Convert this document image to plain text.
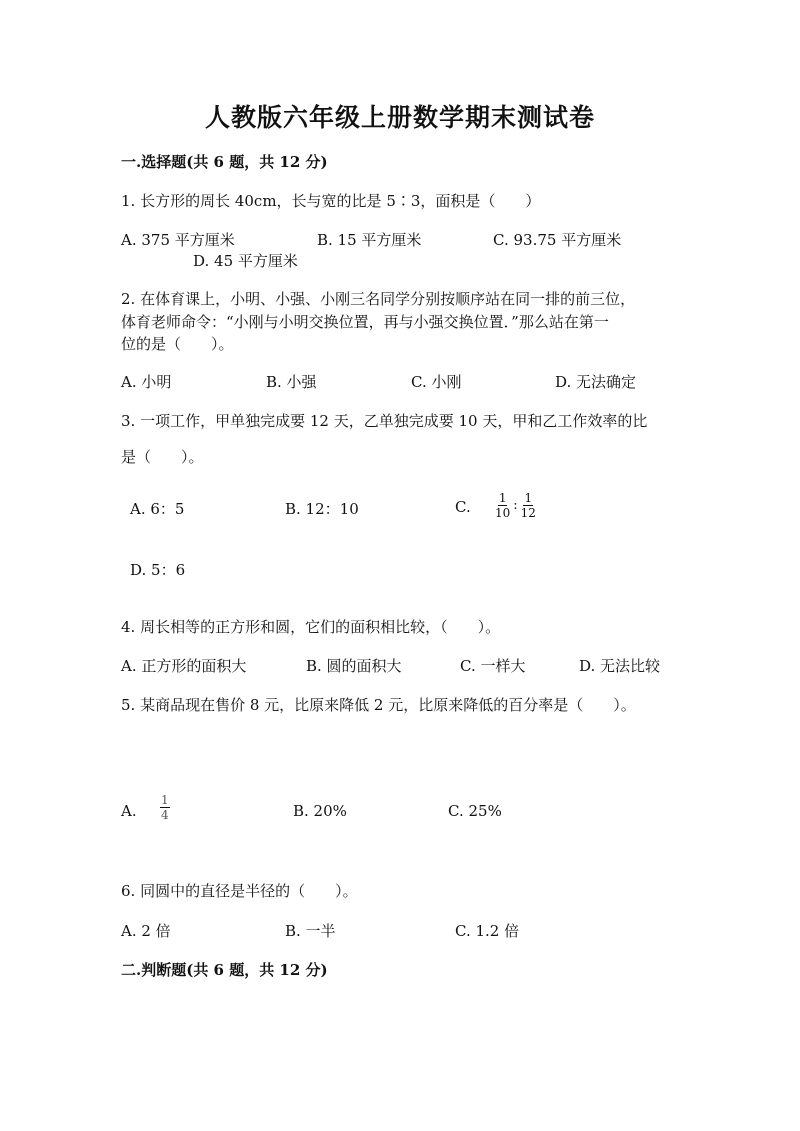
人教版六年级上册数学期末测试卷
一.选择题(共 6 题，共 12 分)
1. 长方形的周长 40cm，长与宽的比是 5∶3，面积是（　　）
A. 375 平方厘米	B. 15 平方厘米	C. 93.75 平方厘米
D. 45 平方厘米
2. 在体育课上，小明、小强、小刚三名同学分别按顺序站在同一排的前三位，
体育老师命令：“小刚与小明交换位置，再与小强交换位置．”那么站在第一
位的是（　　）。
A. 小明	B. 小强	C. 小刚	D. 无法确定
3. 一项工作，甲单独完成要 12 天，乙单独完成要 10 天，甲和乙工作效率的比
是（　　）。
A. 6：5	B. 12：10	C. $\frac{1}{10}$ : $\frac{1}{12}$
D. 5：6
4. 周长相等的正方形和圆，它们的面积相比较，（　　）。
A. 正方形的面积大	B. 圆的面积大	C. 一样大	D. 无法比较
5. 某商品现在售价 8 元，比原来降低 2 元，比原来降低的百分率是（　　）。
A. $\frac{1}{4}$	B. 20%	C. 25%
6. 同圆中的直径是半径的（　　）。
A. 2 倍	B. 一半	C. 1.2 倍
二.判断题(共 6 题，共 12 分)
